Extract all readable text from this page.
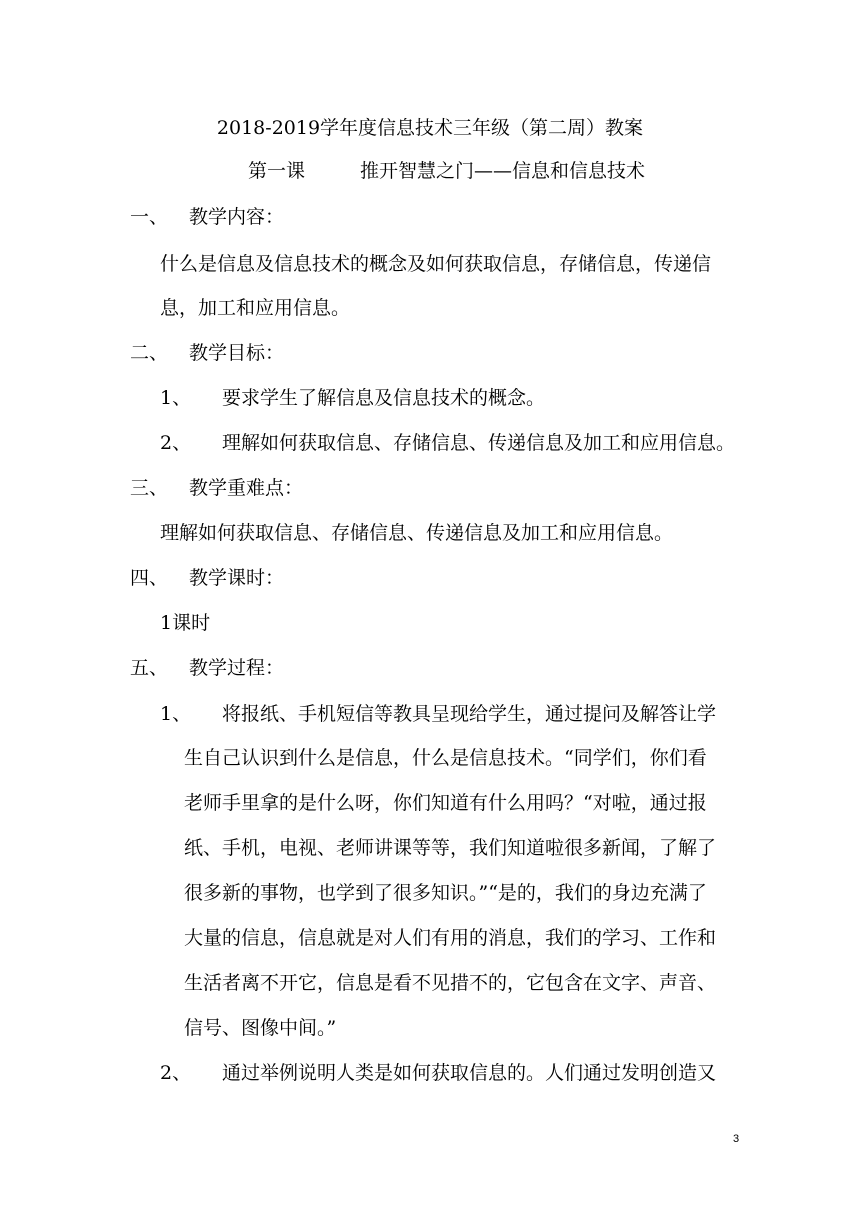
2018-2019学年度信息技术三年级（第二周）教案
第一课	推开智慧之门——信息和信息技术
一、 教学内容：
什么是信息及信息技术的概念及如何获取信息，存储信息，传递信
息，加工和应用信息。
二、 教学目标：
1、 要求学生了解信息及信息技术的概念。
2、 理解如何获取信息、存储信息、传递信息及加工和应用信息。
三、 教学重难点：
理解如何获取信息、存储信息、传递信息及加工和应用信息。
四、 教学课时：
1课时
五、 教学过程：
1、 将报纸、手机短信等教具呈现给学生，通过提问及解答让学
生自己认识到什么是信息，什么是信息技术。“同学们，你们看
老师手里拿的是什么呀，你们知道有什么用吗？“对啦，通过报
纸、手机，电视、老师讲课等等，我们知道啦很多新闻，了解了
很多新的事物，也学到了很多知识。”“是的，我们的身边充满了
大量的信息，信息就是对人们有用的消息，我们的学习、工作和
生活者离不开它，信息是看不见措不的，它包含在文字、声音、
信号、图像中间。”
2、 通过举例说明人类是如何获取信息的。人们通过发明创造又
3
